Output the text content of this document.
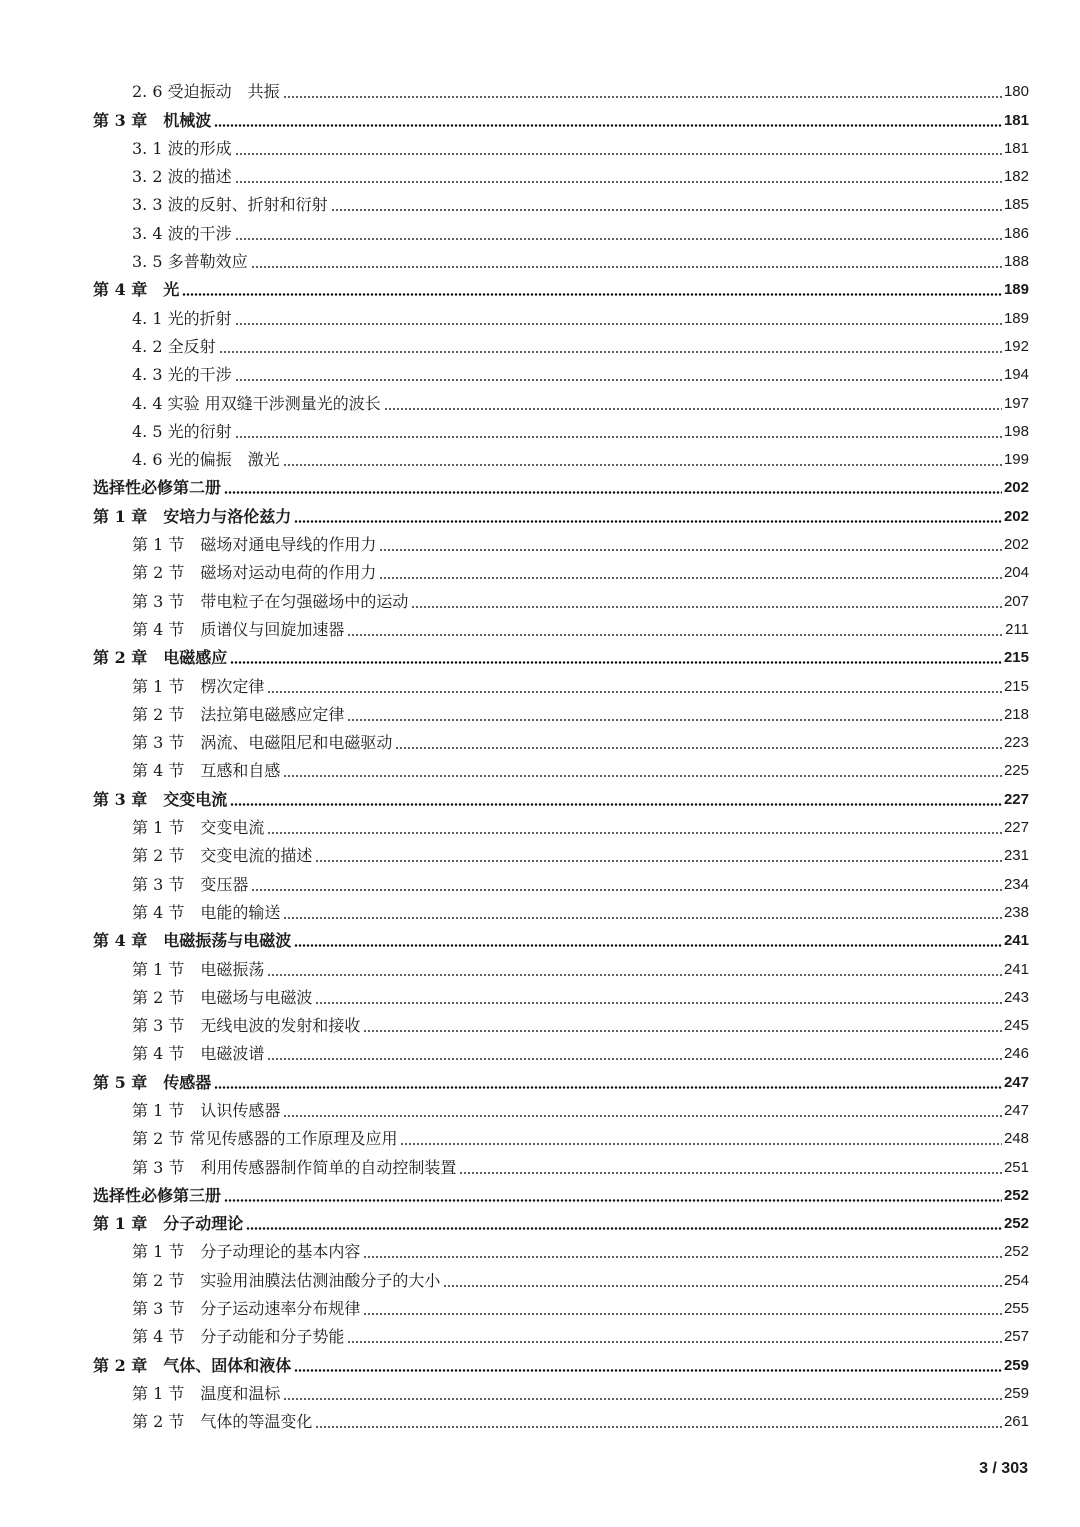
2. 6 受迫振动　共振	180
第 3 章　机械波	181
3. 1 波的形成	181
3. 2 波的描述	182
3. 3 波的反射、折射和衍射	185
3. 4 波的干涉	186
3. 5 多普勒效应	188
第 4 章　光	189
4. 1 光的折射	189
4. 2 全反射	192
4. 3 光的干涉	194
4. 4 实验 用双缝干涉测量光的波长	197
4. 5 光的衍射	198
4. 6 光的偏振　激光	199
选择性必修第二册	202
第 1 章　安培力与洛伦兹力	202
第 1 节　磁场对通电导线的作用力	202
第 2 节　磁场对运动电荷的作用力	204
第 3 节　带电粒子在匀强磁场中的运动	207
第 4 节　质谱仪与回旋加速器	211
第 2 章　电磁感应	215
第 1 节　楞次定律	215
第 2 节　法拉第电磁感应定律	218
第 3 节　涡流、电磁阻尼和电磁驱动	223
第 4 节　互感和自感	225
第 3 章　交变电流	227
第 1 节　交变电流	227
第 2 节　交变电流的描述	231
第 3 节　变压器	234
第 4 节　电能的输送	238
第 4 章　电磁振荡与电磁波	241
第 1 节　电磁振荡	241
第 2 节　电磁场与电磁波	243
第 3 节　无线电波的发射和接收	245
第 4 节　电磁波谱	246
第 5 章　传感器	247
第 1 节　认识传感器	247
第 2 节 常见传感器的工作原理及应用	248
第 3 节　利用传感器制作简单的自动控制装置	251
选择性必修第三册	252
第 1 章　分子动理论	252
第 1 节　分子动理论的基本内容	252
第 2 节　实验用油膜法估测油酸分子的大小	254
第 3 节　分子运动速率分布规律	255
第 4 节　分子动能和分子势能	257
第 2 章　气体、固体和液体	259
第 1 节　温度和温标	259
第 2 节　气体的等温变化	261
3 / 303
